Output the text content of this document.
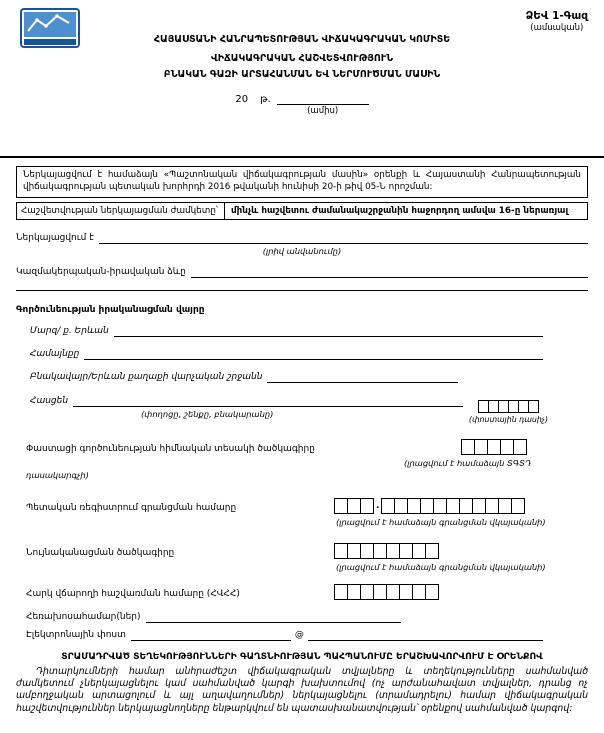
ՁԵՎ 1-Գազ
(ամսական)
ՀԱՅԱՍՏԱՆԻ ՀԱՆՐԱՊԵՏՈՒԹՅԱՆ ՎԻՃԱԿԱԳՐԱԿԱՆ ԿՈՄԻՏԵ
ՎԻՃԱԿԱԳՐԱԿԱՆ ՀԱՇՎԵՏՎՈՒԹՅՈՒՆ
ԲՆԱԿԱՆ ԳԱԶԻ ԱՐՏԱՀԱՆՄԱՆ ԵՎ ՆԵՐՄՈՒԾՄԱՆ ՄԱՍԻՆ
20 թ.
(ամիս)
Ներկայացվում է համաձայն «Պաշտոնական վիճակագրության մասին» օրենքի և Հայաստանի Հանրապետության վիճակագրության պետական խորհրդի 2016 թվականի հունիսի 20-ի թիվ 05-Ն որոշման:
Հաշվետվության ներկայացման ժամկետը՝	մինչև հաշվետու ժամանակաշրջանին հաջորդող ամսվա 16-ը ներառյալ
Ներկայացվում է
(լրիվ անվանումը)
Կազմակերպական-իրավական ձևը
Գործունեության իրականացման վայրը
Մարզ/ ք. Երևան
Համայնքը
Բնակավայր/Երևան քաղաքի վարչական շրջանն
Հասցեն
(փոստային դասիչ)
(փողոցը, շենքը, բնակարանը)
Փաստացի գործունեության հիմնական տեսակի ծածկագիրը
(լրացվում է համաձայն ՏԳՏԴ
դասակարգչի)
Պետական ռեգիստրում գրանցման համարը	.
(լրացվում է համաձայն գրանցման վկայականի)
Նույնականացման ծածկագիրը
(լրացվում է համաձայն գրանցման վկայականի)
Հարկ վճարողի հաշվառման համարը (ՀՎՀՀ)
Հեռախոսահամար(ներ)
Էլեկտրոնային փոստ	@
ՏՐԱՄԱԴՐՎԱԾ ՏԵՂԵԿՈՒԹՅՈՒՆՆԵՐԻ ԳԱՂՏՆԻՈՒԹՅԱՆ ՊԱՀՊԱՆՈՒՄԸ ԵՐԱՇԽԱՎՈՐՎՈՒՄ Է ՕՐԵՆՔՈՎ

Դիտարկումների համար անհրաժեշտ վիճակագրական տվյալները և տեղեկությունները սահմանված ժամկետում չներկայացնելու կամ սահմանված կարգի խախտումով (ոչ արժանահավատ տվյալներ, դրանց ոչ ամբողջական արտացոլում և այլ աղավաղումներ) ներկայացնելու (տրամադրելու) համար վիճակագրական հաշվետվություններ ներկայացնողները ենթարկվում են պատասխանատվության՝ օրենքով սահմանված կարգով:
